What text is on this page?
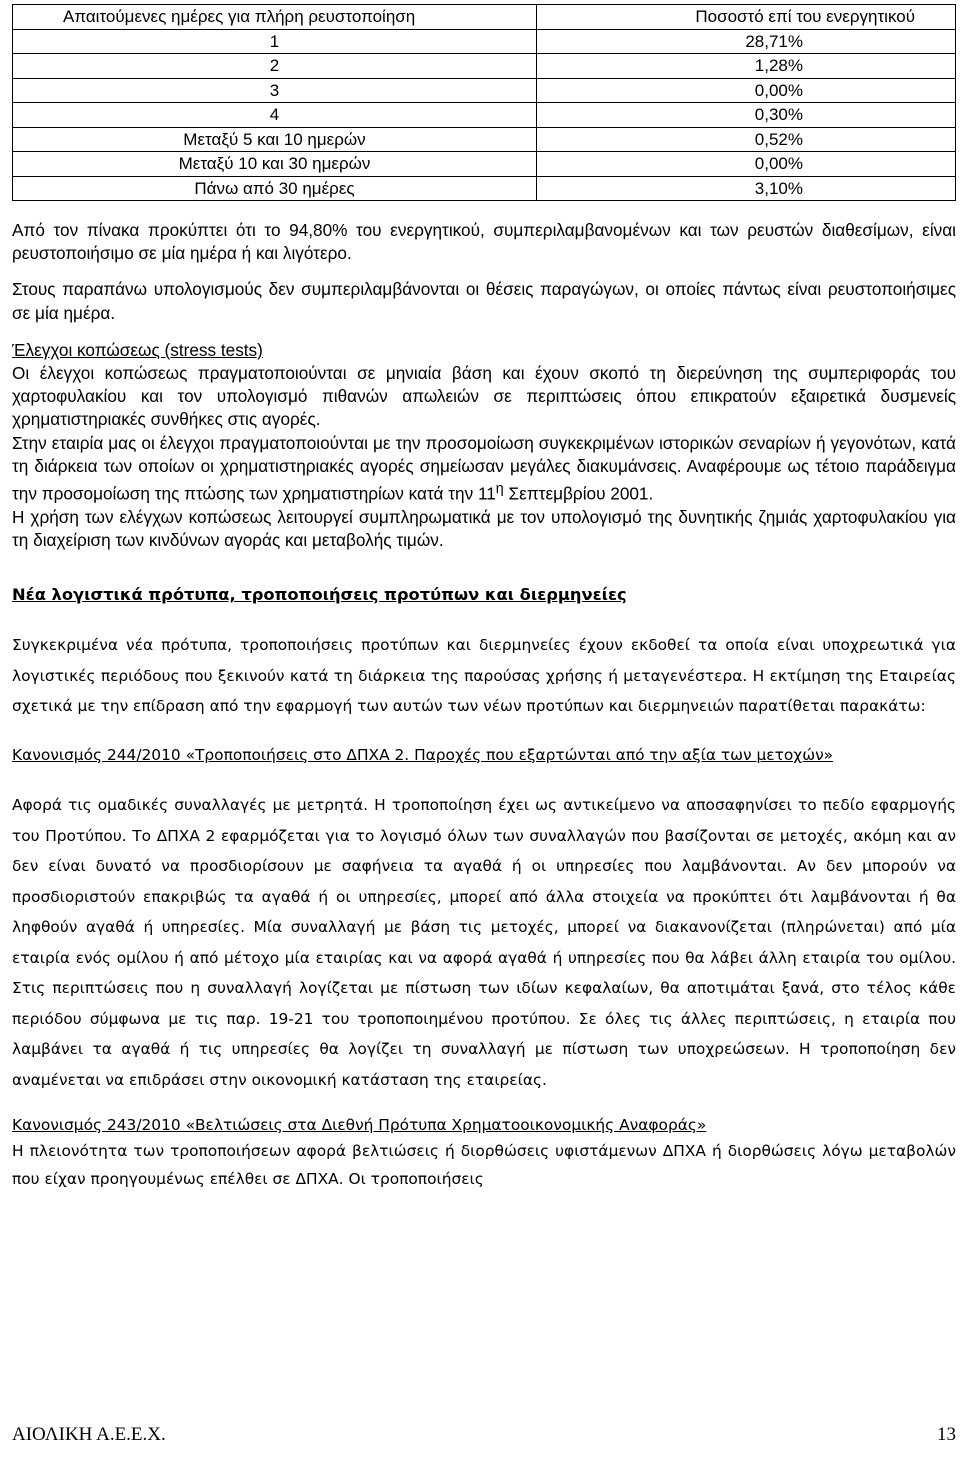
Απαιτούμενες ημέρες για πλήρη ρευστοποίηση	Ποσοστό επί του ενεργητικού
1	28,71%
2	1,28%
3	0,00%
4	0,30%
Μεταξύ 5 και 10 ημερών	0,52%
Μεταξύ 10 και 30 ημερών	0,00%
Πάνω από 30 ημέρες	3,10%

Από τον πίνακα προκύπτει ότι το 94,80% του ενεργητικού, συμπεριλαμβανομένων και των ρευστών διαθεσίμων, είναι ρευστοποιήσιμο σε μία ημέρα ή και λιγότερο.

Στους παραπάνω υπολογισμούς δεν συμπεριλαμβάνονται οι θέσεις παραγώγων, οι οποίες πάντως είναι ρευστοποιήσιμες σε μία ημέρα.

Έλεγχοι κοπώσεως (stress tests)

Οι έλεγχοι κοπώσεως πραγματοποιούνται σε μηνιαία βάση και έχουν σκοπό τη διερεύνηση της συμπεριφοράς του χαρτοφυλακίου και τον υπολογισμό πιθανών απωλειών σε περιπτώσεις όπου επικρατούν εξαιρετικά δυσμενείς χρηματιστηριακές συνθήκες στις αγορές.

Στην εταιρία μας οι έλεγχοι πραγματοποιούνται με την προσομοίωση συγκεκριμένων ιστορικών σεναρίων ή γεγονότων, κατά τη διάρκεια των οποίων οι χρηματιστηριακές αγορές σημείωσαν μεγάλες διακυμάνσεις. Αναφέρουμε ως τέτοιο παράδειγμα την προσομοίωση της πτώσης των χρηματιστηρίων κατά την $11^\eta$ Σεπτεμβρίου 2001.

Η χρήση των ελέγχων κοπώσεως λειτουργεί συμπληρωματικά με τον υπολογισμό της δυνητικής ζημιάς χαρτοφυλακίου για τη διαχείριση των κινδύνων αγοράς και μεταβολής τιμών.

Νέα λογιστικά πρότυπα, τροποποιήσεις προτύπων και διερμηνείες

Συγκεκριμένα νέα πρότυπα, τροποποιήσεις προτύπων και διερμηνείες έχουν εκδοθεί τα οποία είναι υποχρεωτικά για λογιστικές περιόδους που ξεκινούν κατά τη διάρκεια της παρούσας χρήσης ή μεταγενέστερα. Η εκτίμηση της Εταιρείας σχετικά με την επίδραση από την εφαρμογή των αυτών των νέων προτύπων και διερμηνειών παρατίθεται παρακάτω:

Κανονισμός 244/2010 «Τροποποιήσεις στο ΔΠΧΑ 2. Παροχές που εξαρτώνται από την αξία των μετοχών»

Αφορά τις ομαδικές συναλλαγές με μετρητά. Η τροποποίηση έχει ως αντικείμενο να αποσαφηνίσει το πεδίο εφαρμογής του Προτύπου. Το ΔΠΧΑ 2 εφαρμόζεται για το λογισμό όλων των συναλλαγών που βασίζονται σε μετοχές, ακόμη και αν δεν είναι δυνατό να προσδιορίσουν με σαφήνεια τα αγαθά ή οι υπηρεσίες που λαμβάνονται. Αν δεν μπορούν να προσδιοριστούν επακριβώς τα αγαθά ή οι υπηρεσίες, μπορεί από άλλα στοιχεία να προκύπτει ότι λαμβάνονται ή θα ληφθούν αγαθά ή υπηρεσίες. Μία συναλλαγή με βάση τις μετοχές, μπορεί να διακανονίζεται (πληρώνεται) από μία εταιρία ενός ομίλου ή από μέτοχο μία εταιρίας και να αφορά αγαθά ή υπηρεσίες που θα λάβει άλλη εταιρία του ομίλου. Στις περιπτώσεις που η συναλλαγή λογίζεται με πίστωση των ιδίων κεφαλαίων, θα αποτιμάται ξανά, στο τέλος κάθε περιόδου σύμφωνα με τις παρ. 19-21 του τροποποιημένου προτύπου. Σε όλες τις άλλες περιπτώσεις, η εταιρία που λαμβάνει τα αγαθά ή τις υπηρεσίες θα λογίζει τη συναλλαγή με πίστωση των υποχρεώσεων. Η τροποποίηση δεν αναμένεται να επιδράσει στην οικονομική κατάσταση της εταιρείας.

Κανονισμός 243/2010 «Βελτιώσεις στα Διεθνή Πρότυπα Χρηματοοικονομικής Αναφοράς»

Η πλειονότητα των τροποποιήσεων αφορά βελτιώσεις ή διορθώσεις υφιστάμενων ΔΠΧΑ ή διορθώσεις λόγω μεταβολών που είχαν προηγουμένως επέλθει σε ΔΠΧΑ. Οι τροποποιήσεις

ΑΙΟΛΙΚΗ Α.Ε.Ε.Χ.	13
